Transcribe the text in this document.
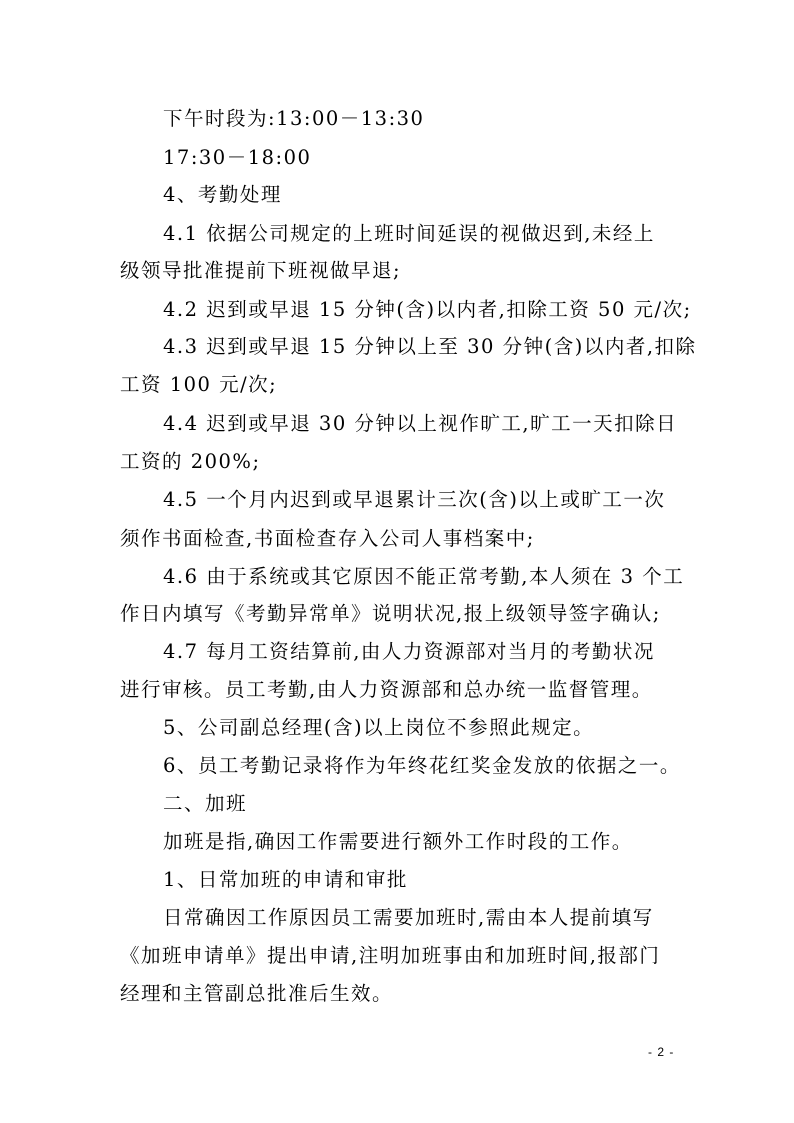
下午时段为:13:00－13:30
17:30－18:00
4、考勤处理
4.1 依据公司规定的上班时间延误的视做迟到,未经上
级领导批准提前下班视做早退;
4.2 迟到或早退 15 分钟(含)以内者,扣除工资 50 元/次;
4.3 迟到或早退 15 分钟以上至 30 分钟(含)以内者,扣除
工资 100 元/次;
4.4 迟到或早退 30 分钟以上视作旷工,旷工一天扣除日
工资的 200%;
4.5 一个月内迟到或早退累计三次(含)以上或旷工一次
须作书面检查,书面检查存入公司人事档案中;
4.6 由于系统或其它原因不能正常考勤,本人须在 3 个工
作日内填写《考勤异常单》说明状况,报上级领导签字确认;
4.7 每月工资结算前,由人力资源部对当月的考勤状况
进行审核。员工考勤,由人力资源部和总办统一监督管理。
5、公司副总经理(含)以上岗位不参照此规定。
6、员工考勤记录将作为年终花红奖金发放的依据之一。
二、加班
加班是指,确因工作需要进行额外工作时段的工作。
1、日常加班的申请和审批
日常确因工作原因员工需要加班时,需由本人提前填写
《加班申请单》提出申请,注明加班事由和加班时间,报部门
经理和主管副总批准后生效。
- 2 -
